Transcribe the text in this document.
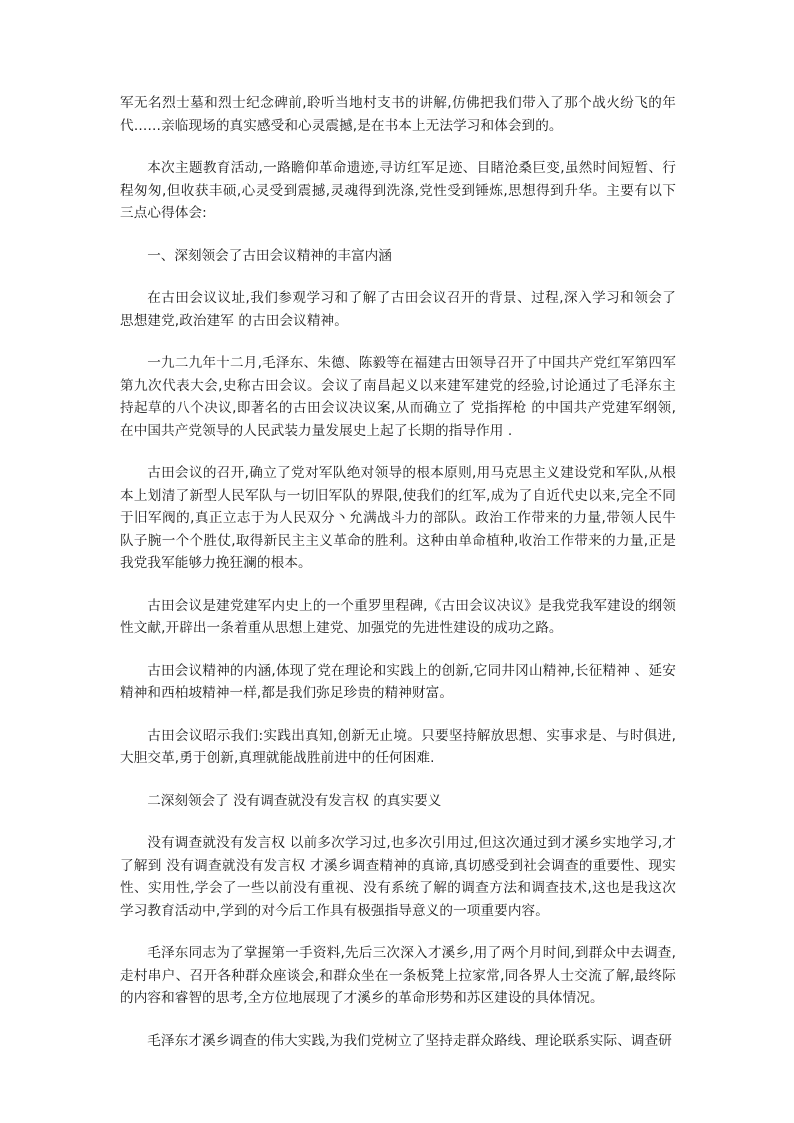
军无名烈士墓和烈士纪念碑前,聆听当地村支书的讲解,仿佛把我们带入了那个战火纷飞的年代……亲临现场的真实感受和心灵震撼,是在书本上无法学习和体会到的。

本次主题教育活动,一路瞻仰革命遗迹,寻访红军足迹、目睹沧桑巨变,虽然时间短暂、行程匆匆,但收获丰硕,心灵受到震撼,灵魂得到洗涤,党性受到锤炼,思想得到升华。主要有以下三点心得体会:

一、深刻领会了古田会议精神的丰富内涵

在古田会议议址,我们参观学习和了解了古田会议召开的背景、过程,深入学习和领会了思想建党,政治建军 的古田会议精神。

一九二九年十二月,毛泽东、朱德、陈毅等在福建古田领导召开了中国共产党红军第四军第九次代表大会,史称古田会议。会议了南昌起义以来建军建党的经验,讨论通过了毛泽东主持起草的八个决议,即著名的古田会议决议案,从而确立了 党指挥枪 的中国共产党建军纲领,在中国共产党领导的人民武装力量发展史上起了长期的指导作用 .

古田会议的召开,确立了党对军队绝对领导的根本原则,用马克思主义建设党和军队,从根本上划清了新型人民军队与一切旧军队的界限,使我们的红军,成为了自近代史以来,完全不同于旧军阀的,真正立志于为人民双分丶允满战斗力的部队。政治工作带来的力量,带领人民牛队子腕一个个胜仗,取得新民主主义革命的胜利。这种由单命植种,收治工作带来的力量,正是我党我军能够力挽狂澜的根本。

古田会议是建党建军内史上的一个重罗里程碑,《古田会议决议》是我党我军建设的纲领性文献,开辟出一条着重从思想上建党、加强党的先进性建设的成功之路。

古田会议精神的内涵,体现了党在理论和实践上的创新,它同井冈山精神,长征精神 、延安精神和西柏坡精神一样,都是我们弥足珍贵的精神财富。

古田会议昭示我们:实践出真知,创新无止境。只要坚持解放思想、实事求是、与时俱进,大胆交革,勇于创新,真理就能战胜前进中的任何困难.

二深刻领会了 没有调查就没有发言权 的真实要义

没有调查就没有发言权 以前多次学习过,也多次引用过,但这次通过到才溪乡实地学习,才了解到 没有调查就没有发言权 才溪乡调查精神的真谛,真切感受到社会调查的重要性、现实性、实用性,学会了一些以前没有重视、没有系统了解的调查方法和调查技术,这也是我这次学习教育活动中,学到的对今后工作具有极强指导意义的一项重要内容。

毛泽东同志为了掌握第一手资料,先后三次深入才溪乡,用了两个月时间,到群众中去调查,走村串户、召开各种群众座谈会,和群众坐在一条板凳上拉家常,同各界人士交流了解,最终际的内容和睿智的思考,全方位地展现了才溪乡的革命形势和苏区建设的具体情况。

毛泽东才溪乡调查的伟大实践,为我们党树立了坚持走群众路线、理论联系实际、调查研
